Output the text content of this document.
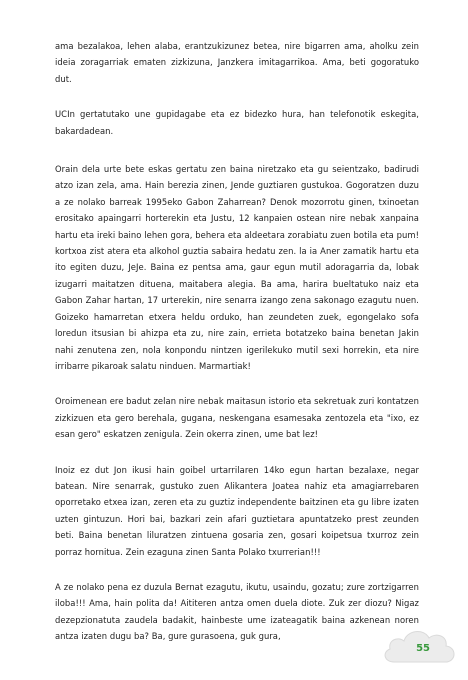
ama bezalakoa, lehen alaba, erantzukizunez betea, nire bigarren ama, aholku zein ideia zoragarriak ematen zizkizuna, Janzkera imitagarrikoa. Ama, beti gogoratuko dut.

UCIn gertatutako une gupidagabe eta ez bidezko hura, han telefonotik eskegita, bakardadean.

Orain dela urte bete eskas gertatu zen baina niretzako eta gu seientzako, badirudi atzo izan zela, ama. Hain berezia zinen, Jende guztiaren gustukoa. Gogoratzen duzu a ze nolako barreak 1995eko Gabon Zaharrean? Denok mozorrotu ginen, txinoetan erositako apaingarri horterekin eta Justu, 12 kanpaien ostean nire nebak xanpaina hartu eta ireki baino lehen gora, behera eta aldeetara zorabiatu zuen botila eta pum! kortxoa zist atera eta alkohol guztia sabaira hedatu zen. la ia Aner zamatik hartu eta ito egiten duzu, JeJe. Baina ez pentsa ama, gaur egun mutil adoragarria da, lobak izugarri maitatzen dituena, maitabera alegia. Ba ama, harira bueltatuko naiz eta Gabon Zahar hartan, 17 urterekin, nire senarra izango zena sakonago ezagutu nuen. Goizeko hamarretan etxera heldu orduko, han zeundeten zuek, egongelako sofa loredun itsusian bi ahizpa eta zu, nire zain, errieta botatzeko baina benetan Jakin nahi zenutena zen, nola konpondu nintzen igerilekuko mutil sexi horrekin, eta nire irribarre pikaroak salatu ninduen. Marmartiak!

Oroimenean ere badut zelan nire nebak maitasun istorio eta sekretuak zuri kontatzen zizkizuen eta gero berehala, gugana, neskengana esamesaka zentozela eta "ixo, ez esan gero" eskatzen zenigula. Zein okerra zinen, ume bat lez!

Inoiz ez dut Jon ikusi hain goibel urtarrilaren 14ko egun hartan bezalaxe, negar batean. Nire senarrak, gustuko zuen Alikantera Joatea nahiz eta amagiarrebaren oporretako etxea izan, zeren eta zu guztiz independente baitzinen eta gu libre izaten uzten gintuzun. Hori bai, bazkari zein afari guztietara apuntatzeko prest zeunden beti. Baina benetan liluratzen zintuena gosaria zen, gosari koipetsua txurroz zein porraz hornitua. Zein ezaguna zinen Santa Polako txurrerian!!!

A ze nolako pena ez duzula Bernat ezagutu, ikutu, usaindu, gozatu; zure zortzigarren iloba!!! Ama, hain polita da! Aititeren antza omen duela diote. Zuk zer diozu? Nigaz dezepzionatuta zaudela badakit, hainbeste ume izateagatik baina azkenean noren antza izaten dugu ba? Ba, gure gurasoena, guk gura,

55
